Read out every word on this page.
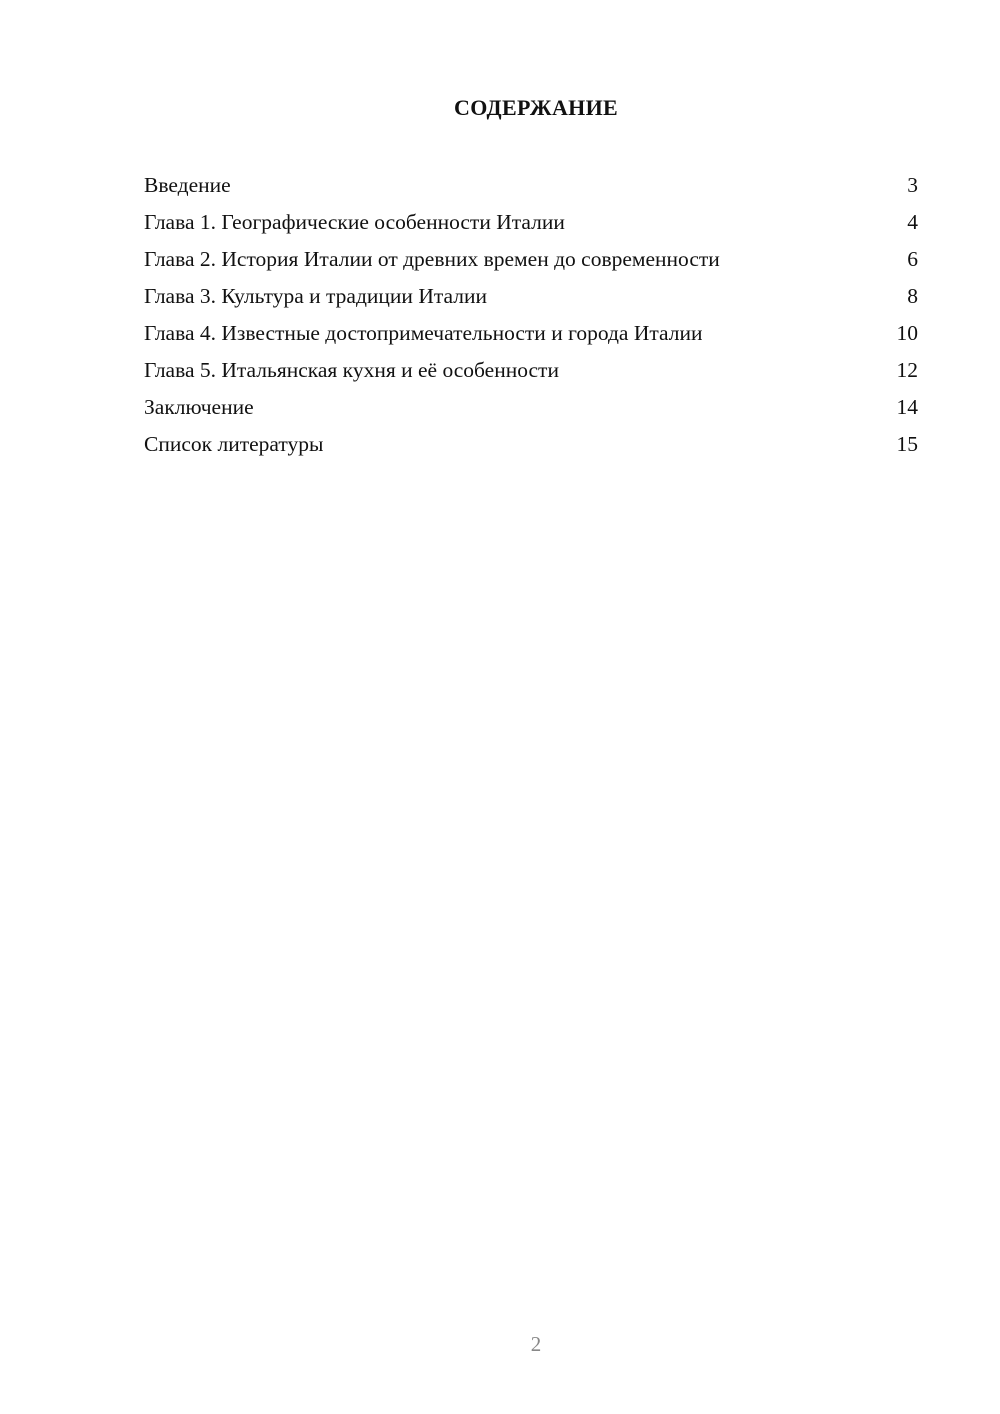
СОДЕРЖАНИЕ
Введение	3
Глава 1. Географические особенности Италии	4
Глава 2. История Италии от древних времен до современности	6
Глава 3. Культура и традиции Италии	8
Глава 4. Известные достопримечательности и города Италии	10
Глава 5. Итальянская кухня и её особенности	12
Заключение	14
Список литературы	15
2
